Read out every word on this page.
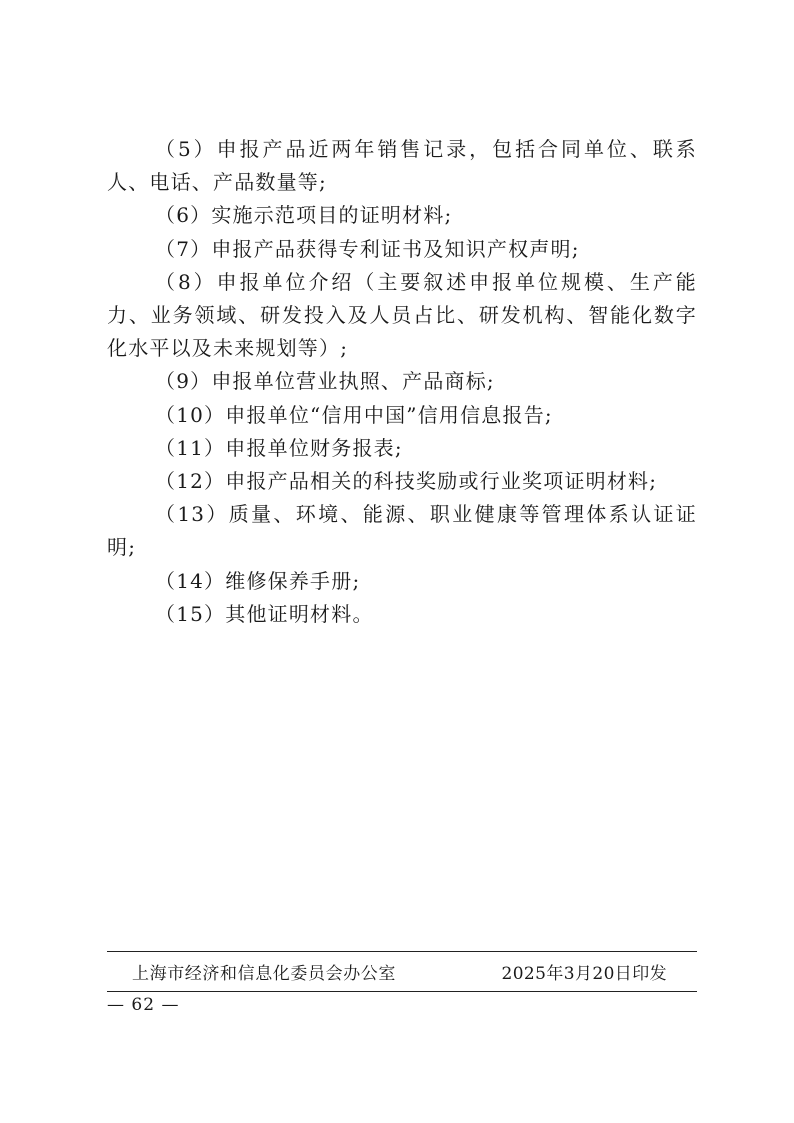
（5）申报产品近两年销售记录，包括合同单位、联系人、电话、产品数量等;

（6）实施示范项目的证明材料;

（7）申报产品获得专利证书及知识产权声明;

（8）申报单位介绍（主要叙述申报单位规模、生产能力、业务领域、研发投入及人员占比、研发机构、智能化数字化水平以及未来规划等）;

（9）申报单位营业执照、产品商标;

（10）申报单位“信用中国”信用信息报告;

（11）申报单位财务报表;

（12）申报产品相关的科技奖励或行业奖项证明材料;

（13）质量、环境、能源、职业健康等管理体系认证证明;

（14）维修保养手册;

（15）其他证明材料。

上海市经济和信息化委员会办公室	2025年3月20日印发
— 62 —
